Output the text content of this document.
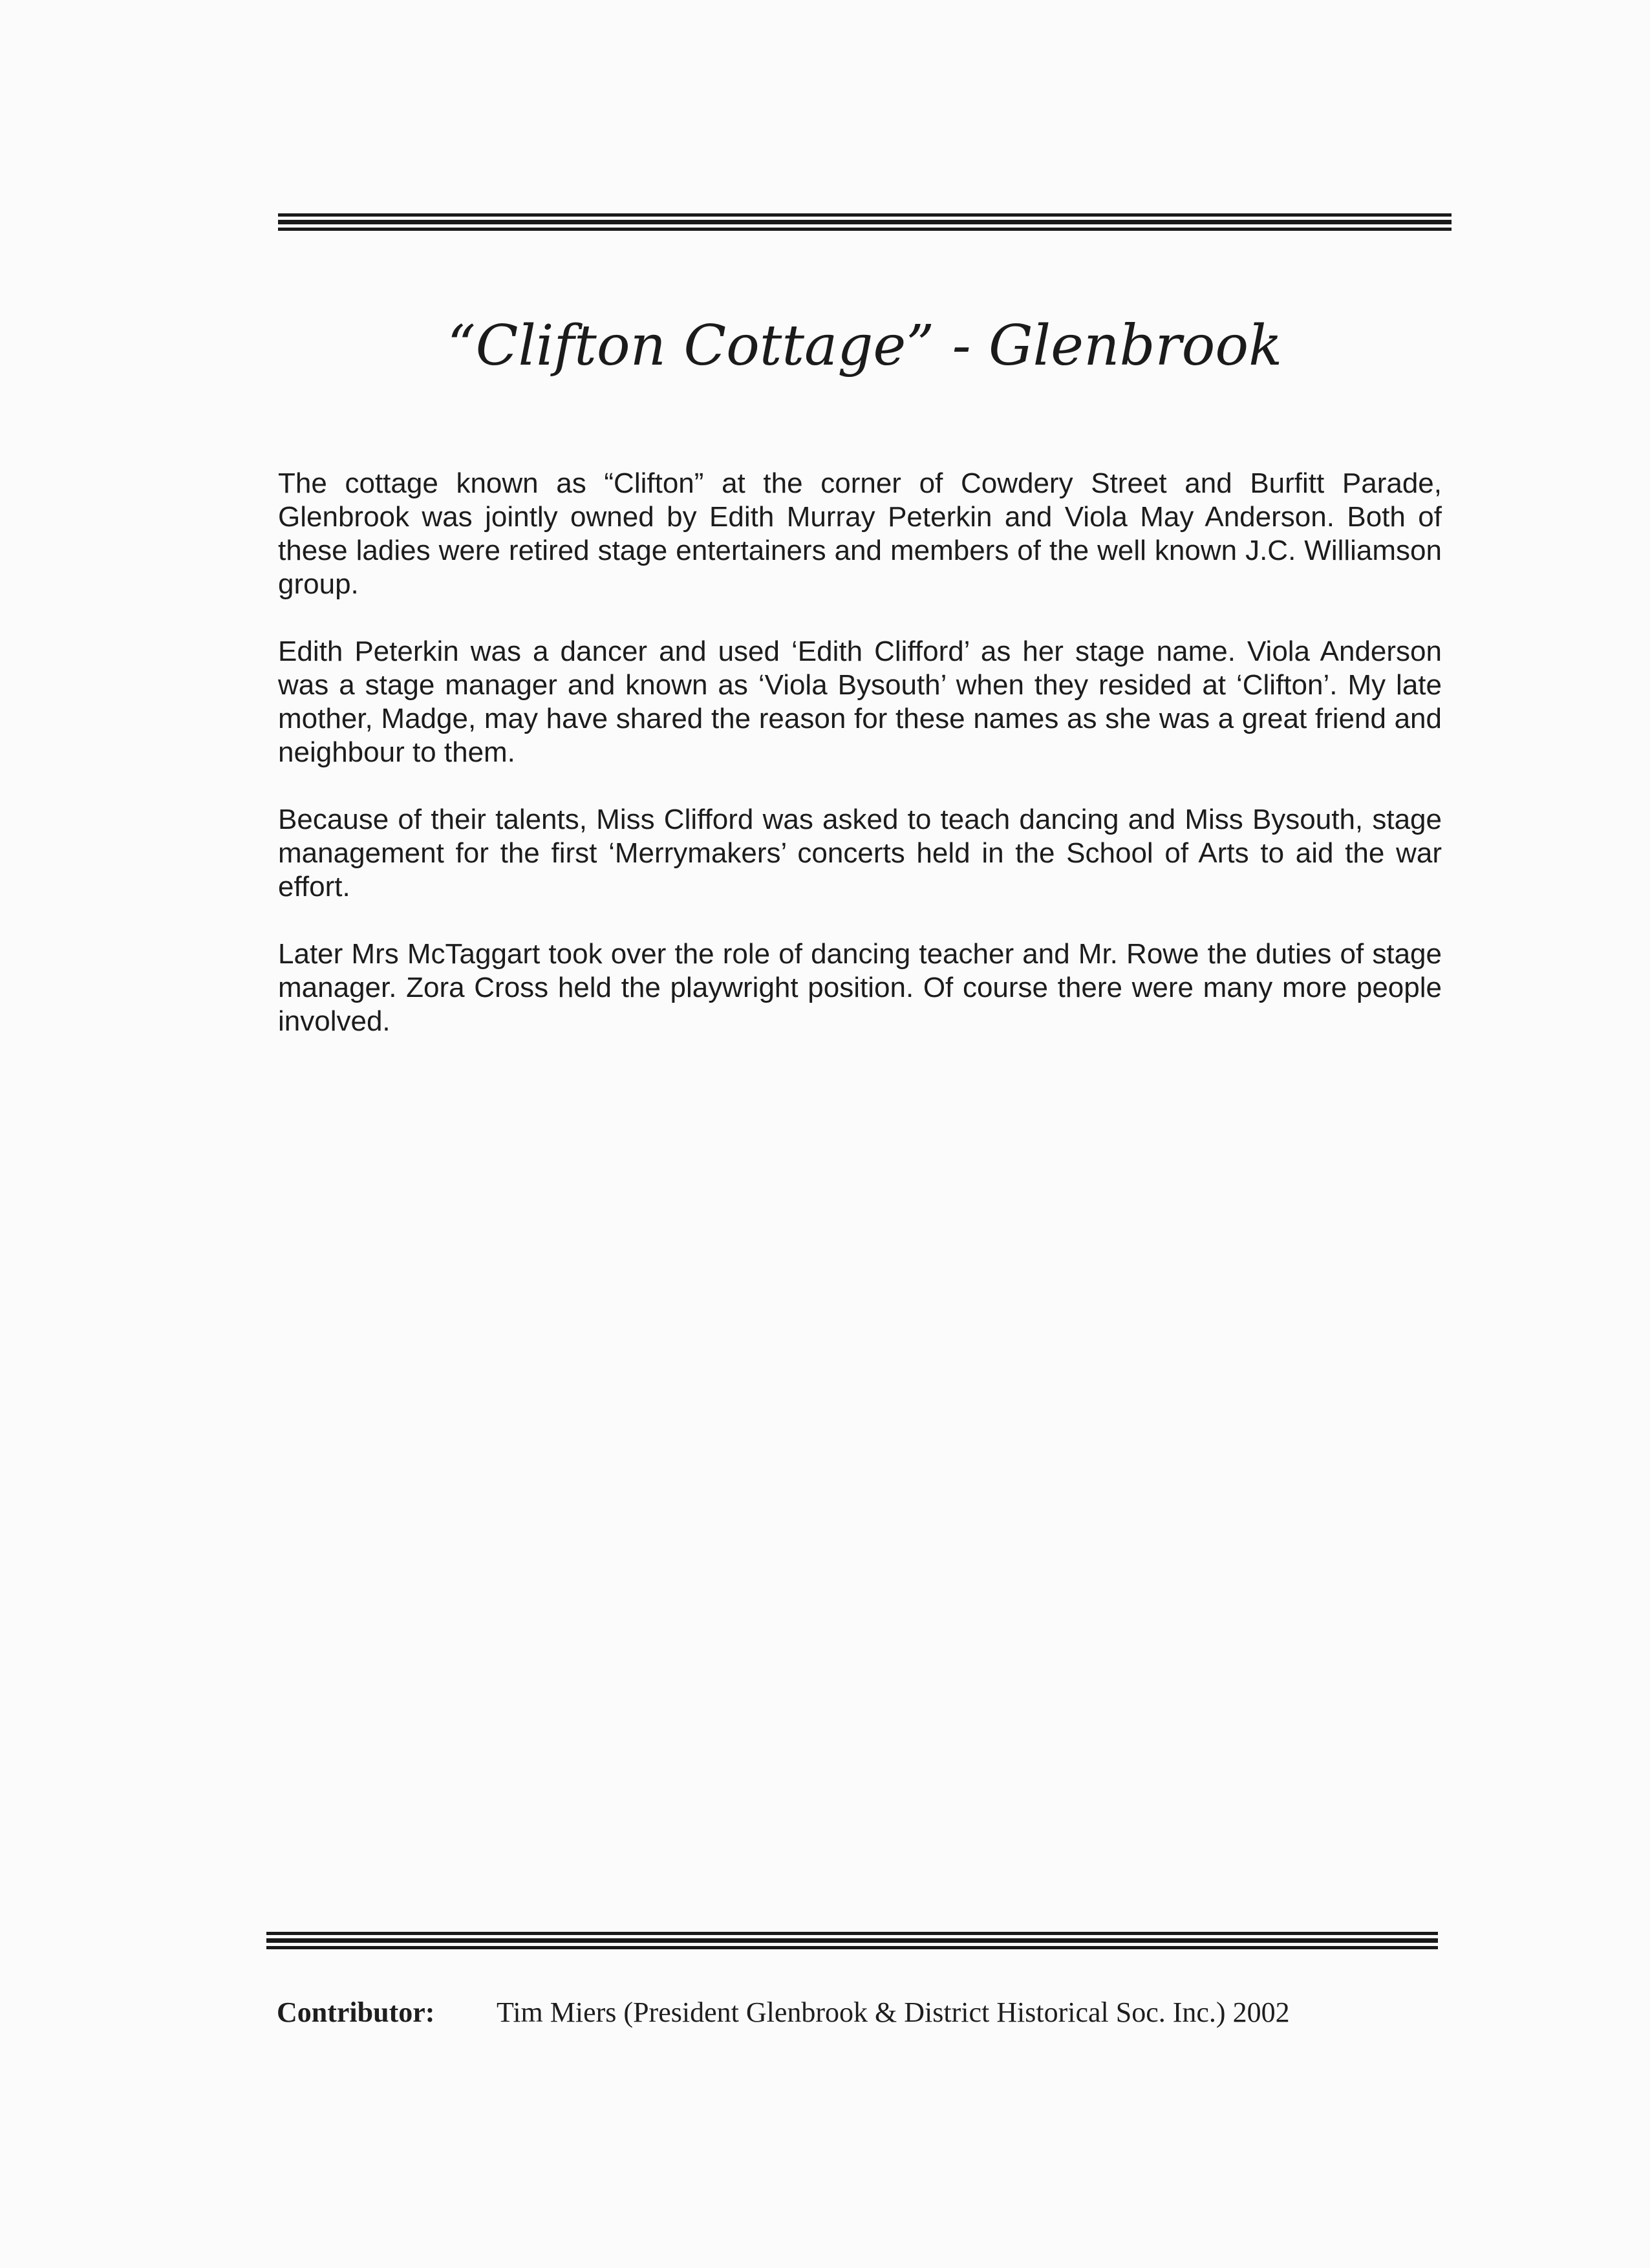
“Clifton Cottage” - Glenbrook

The cottage known as “Clifton” at the corner of Cowdery Street and Burfitt Parade, Glenbrook was jointly owned by Edith Murray Peterkin and Viola May Anderson. Both of these ladies were retired stage entertainers and members of the well known J.C. Williamson group.

Edith Peterkin was a dancer and used ‘Edith Clifford’ as her stage name. Viola Anderson was a stage manager and known as ‘Viola Bysouth’ when they resided at ‘Clifton’. My late mother, Madge, may have shared the reason for these names as she was a great friend and neighbour to them.

Because of their talents, Miss Clifford was asked to teach dancing and Miss Bysouth, stage management for the first ‘Merrymakers’ concerts held in the School of Arts to aid the war effort.

Later Mrs McTaggart took over the role of dancing teacher and Mr. Rowe the duties of stage manager. Zora Cross held the playwright position. Of course there were many more people involved.

Contributor: Tim Miers (President Glenbrook & District Historical Soc. Inc.) 2002
